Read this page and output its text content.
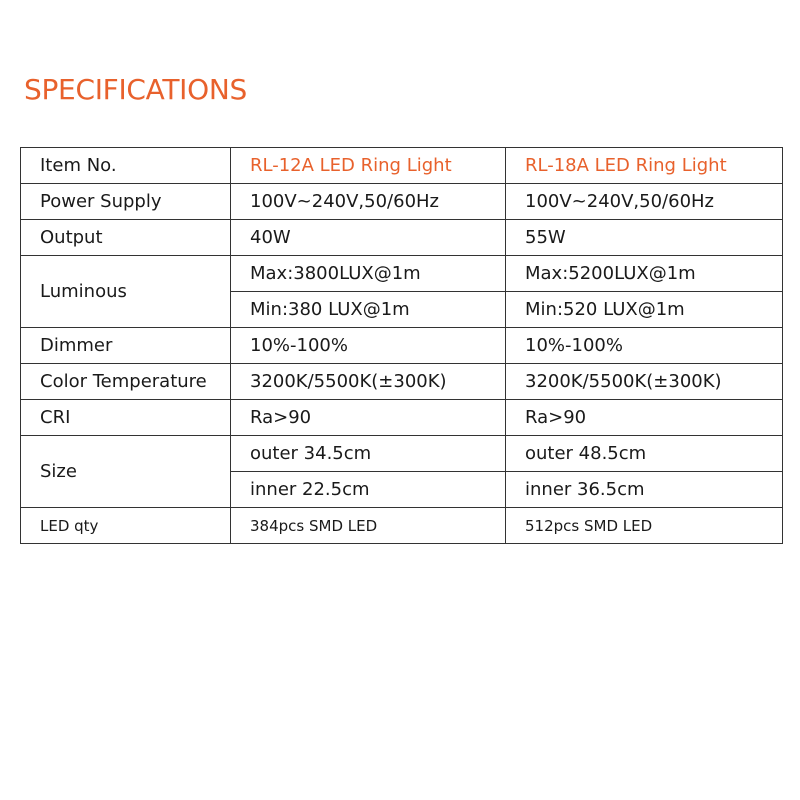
SPECIFICATIONS
Item No.	RL-12A LED Ring Light	RL-18A LED Ring Light
Power Supply	100V~240V,50/60Hz	100V~240V,50/60Hz
Output	40W	55W
Luminous	Max:3800LUX@1m	Max:5200LUX@1m
	Min:380 LUX@1m	Min:520 LUX@1m
Dimmer	10%-100%	10%-100%
Color Temperature	3200K/5500K(±300K)	3200K/5500K(±300K)
CRI	Ra>90	Ra>90
Size	outer 34.5cm	outer 48.5cm
	inner 22.5cm	inner 36.5cm
LED qty	384pcs SMD LED	512pcs SMD LED
